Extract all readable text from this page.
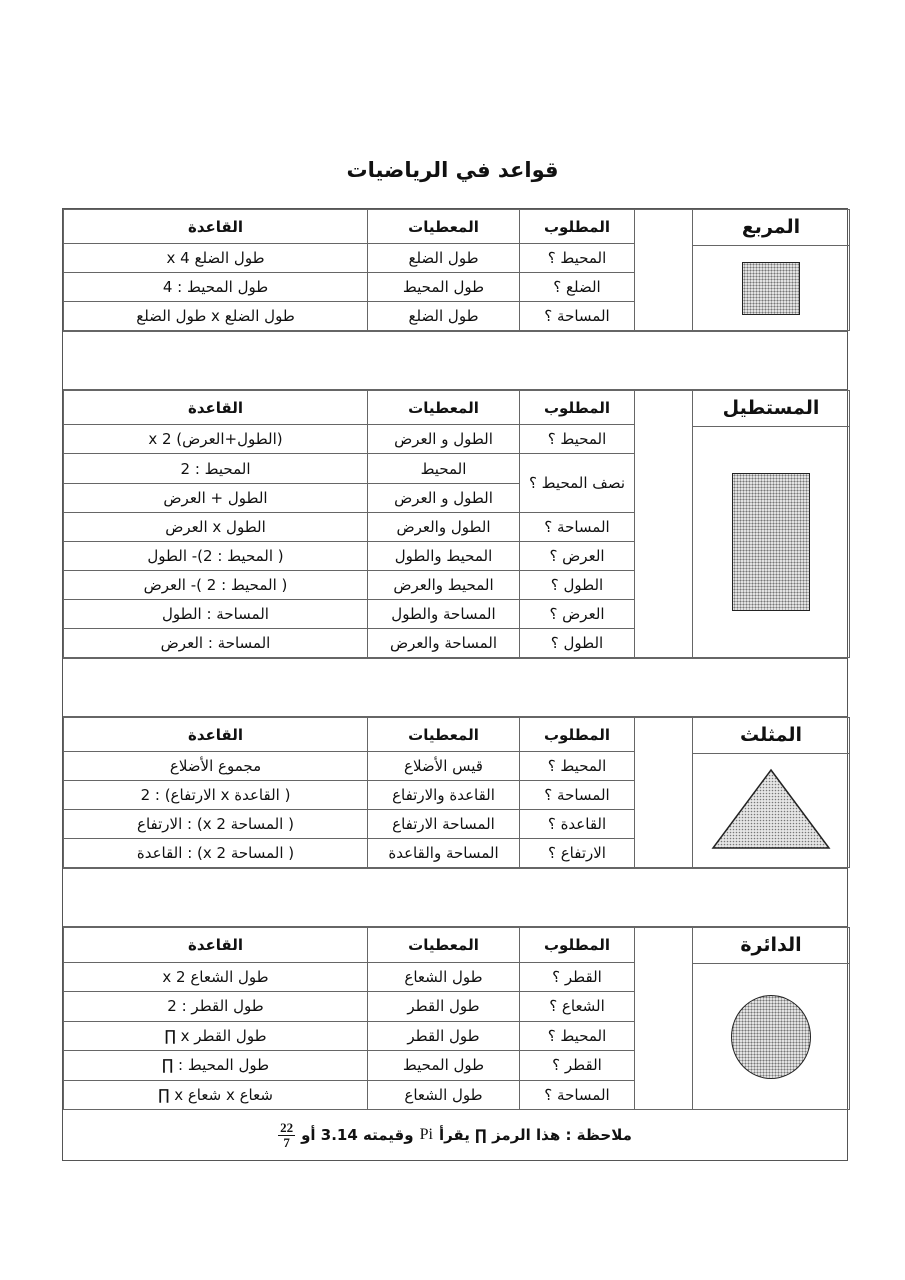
قواعد في الرياضيات
المربع		المطلوب	المعطيات	القاعدة
		المحيط ؟	طول الضلع	طول الضلع x 4
		الضلع ؟	طول المحيط	طول المحيط : 4
		المساحة ؟	طول الضلع	طول الضلع x طول الضلع
المستطيل		المطلوب	المعطيات	القاعدة
		المحيط ؟	الطول و العرض	(الطول+العرض) x 2
		نصف المحيط ؟	المحيط	المحيط : 2
			الطول و العرض	الطول + العرض
		المساحة ؟	الطول والعرض	الطول x العرض
		العرض ؟	المحيط والطول	( المحيط : 2)- الطول
		الطول ؟	المحيط والعرض	( المحيط : 2 )- العرض
		العرض ؟	المساحة والطول	المساحة : الطول
		الطول ؟	المساحة والعرض	المساحة : العرض
المثلث		المطلوب	المعطيات	القاعدة
		المحيط ؟	قيس الأضلاع	مجموع الأضلاع
		المساحة ؟	القاعدة والارتفاع	( القاعدة x الارتفاع) : 2
		القاعدة ؟	المساحة الارتفاع	( المساحة x 2) : الارتفاع
		الارتفاع ؟	المساحة والقاعدة	( المساحة x 2) : القاعدة
الدائرة		المطلوب	المعطيات	القاعدة
		القطر ؟	طول الشعاع	طول الشعاع x 2
		الشعاع ؟	طول القطر	طول القطر : 2
		المحيط ؟	طول القطر	طول القطر x ∏
		القطر ؟	طول المحيط	طول المحيط : ∏
		المساحة ؟	طول الشعاع	شعاع x شعاع x ∏
ملاحظة : هذا الرمز ∏ يقرأ
Pi
وقيمته 3.14 أو
$\frac{22}{7}$
